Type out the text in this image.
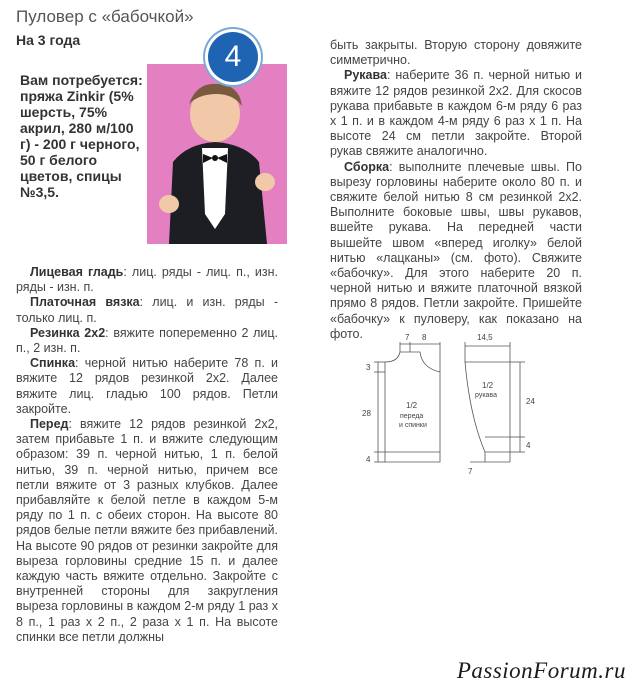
Пуловер с «бабочкой»
На 3 года	4
Вам потребуется: пряжа Zinkir (5% шерсть, 75% акрил, 280 м/100 г) - 200 г черного, 50 г белого цветов, спицы №3,5.

Лицевая гладь: лиц. ряды - лиц. п., изн. ряды - изн. п.

Платочная вязка: лиц. и изн. ряды - только лиц. п.

Резинка 2х2: вяжите попеременно 2 лиц. п., 2 изн. п.

Спинка: черной нитью наберите 78 п. и вяжите 12 рядов резинкой 2х2. Далее вяжите лиц. гладью 100 рядов. Петли закройте.

Перед: вяжите 12 рядов резинкой 2х2, затем прибавьте 1 п. и вяжите следующим образом: 39 п. черной нитью, 1 п. белой нитью, 39 п. черной нитью, причем все петли вяжите от 3 разных клубков. Далее прибавляйте к белой петле в каждом 5-м ряду по 1 п. с обеих сторон. На высоте 80 рядов белые петли вяжите без прибавлений. На высоте 90 рядов от резинки закройте для выреза горловины средние 15 п. и далее каждую часть вяжите отдельно. Закройте с внутренней стороны для закругления выреза горловины в каждом 2-м ряду 1 раз х 8 п., 1 раз х 2 п., 2 раза х 1 п. На высоте спинки все петли должны

быть закрыты. Вторую сторону довяжите симметрично.

Рукава: наберите 36 п. черной нитью и вяжите 12 рядов резинкой 2х2. Для скосов рукава прибавьте в каждом 6-м ряду 6 раз х 1 п. и в каждом 4-м ряду 6 раз х 1 п. На высоте 24 см петли закройте. Второй рукав свяжите аналогично.

Сборка: выполните плечевые швы. По вырезу горловины наберите около 80 п. и свяжите белой нитью 8 см резинкой 2х2. Выполните боковые швы, швы рукавов, вшейте рукава. На передней части вышейте швом «вперед иголку» белой нитью «лацканы» (см. фото). Свяжите «бабочку». Для этого наберите 20 п. черной нитью и вяжите платочной вязкой прямо 8 рядов. Петли закройте. Пришейте «бабочку» к пуловеру, как показано на фото.	7 8
3
28
4
1/2
переда
и спинки
14,5
24
4
7
1/2
рукава
PassionForum.ru
